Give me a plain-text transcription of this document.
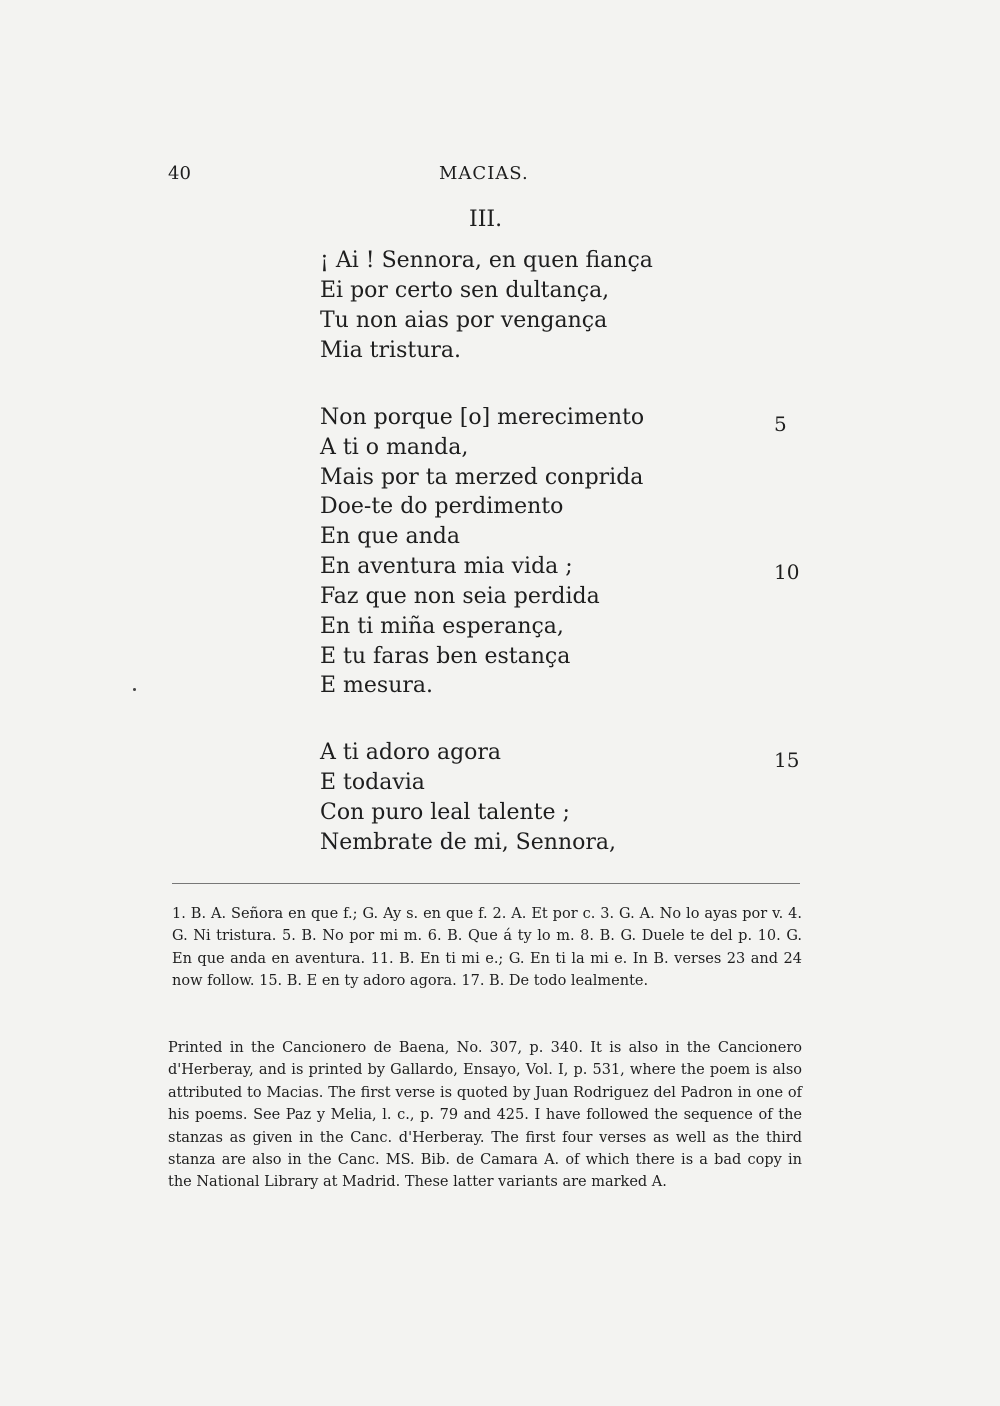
40	MACIAS.
III.
¡ Ai ! Sennora, en quen fiança
Ei por certo sen dultança,
Tu non aias por vengança
Mia tristura.
Non porque [o] merecimento
A ti o manda,
Mais por ta merzed conprida
Doe-te do perdimento
En que anda
En aventura mia vida ;
Faz que non seia perdida
En ti miña esperança,
E tu faras ben estança
E mesura.
A ti adoro agora
E todavia
Con puro leal talente ;
Nembrate de mi, Sennora,
5
10
15

1. B. A. Señora en que f.; G. Ay s. en que f. 2. A. Et por c. 3. G. A. No lo ayas por v. 4. G. Ni tristura. 5. B. No por mi m. 6. B. Que á ty lo m. 8. B. G. Duele te del p. 10. G. En que anda en aventura. 11. B. En ti mi e.; G. En ti la mi e. In B. verses 23 and 24 now follow. 15. B. E en ty adoro agora. 17. B. De todo lealmente.

Printed in the Cancionero de Baena, No. 307, p. 340. It is also in the Cancionero d'Herberay, and is printed by Gallardo, Ensayo, Vol. I, p. 531, where the poem is also attributed to Macias. The first verse is quoted by Juan Rodriguez del Padron in one of his poems. See Paz y Melia, l. c., p. 79 and 425. I have followed the sequence of the stanzas as given in the Canc. d'Herberay. The first four verses as well as the third stanza are also in the Canc. MS. Bib. de Camara A. of which there is a bad copy in the National Library at Madrid. These latter variants are marked A.
